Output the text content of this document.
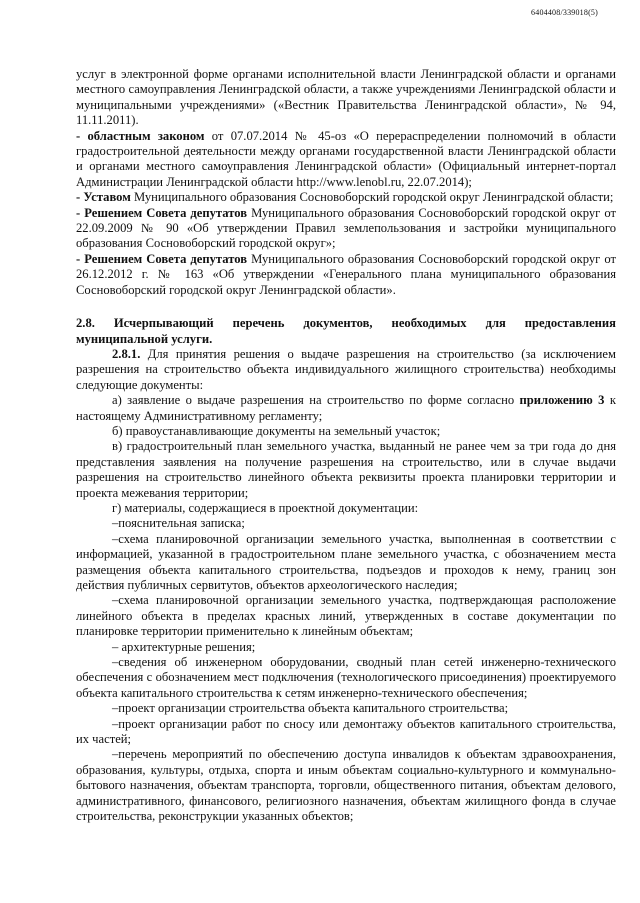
6404408/339018(5)

услуг в электронной форме органами исполнительной власти Ленинградской области и органами местного самоуправления Ленинградской области, а также учреждениями Ленинградской области и муниципальными учреждениями» («Вестник Правительства Ленинградской области», № 94, 11.11.2011).

- областным законом от 07.07.2014 № 45-оз «О перераспределении полномочий в области градостроительной деятельности между органами государственной власти Ленинградской области и органами местного самоуправления Ленинградской области» (Официальный интернет-портал Администрации Ленинградской области http://www.lenobl.ru, 22.07.2014);

- Уставом Муниципального образования Сосновоборский городской округ Ленинградской области;

- Решением Совета депутатов Муниципального образования Сосновоборский городской округ от 22.09.2009 № 90 «Об утверждении Правил землепользования и застройки муниципального образования Сосновоборский городской округ»;

- Решением Совета депутатов Муниципального образования Сосновоборский городской округ от 26.12.2012 г. № 163 «Об утверждении «Генерального плана муниципального образования Сосновоборский городской округ Ленинградской области».

2.8. Исчерпывающий перечень документов, необходимых для предоставления муниципальной услуги.

2.8.1. Для принятия решения о выдаче разрешения на строительство (за исключением разрешения на строительство объекта индивидуального жилищного строительства) необходимы следующие документы:

а) заявление о выдаче разрешения на строительство по форме согласно приложению 3 к настоящему Административному регламенту;

б) правоустанавливающие документы на земельный участок;

в) градостроительный план земельного участка, выданный не ранее чем за три года до дня представления заявления на получение разрешения на строительство, или в случае выдачи разрешения на строительство линейного объекта реквизиты проекта планировки территории и проекта межевания территории;

г) материалы, содержащиеся в проектной документации:

–пояснительная записка;

–схема планировочной организации земельного участка, выполненная в соответствии с информацией, указанной в градостроительном плане земельного участка, с обозначением места размещения объекта капитального строительства, подъездов и проходов к нему, границ зон действия публичных сервитутов, объектов археологического наследия;

–схема планировочной организации земельного участка, подтверждающая расположение линейного объекта в пределах красных линий, утвержденных в составе документации по планировке территории применительно к линейным объектам;

– архитектурные решения;

–сведения об инженерном оборудовании, сводный план сетей инженерно-технического обеспечения с обозначением мест подключения (технологического присоединения) проектируемого объекта капитального строительства к сетям инженерно-технического обеспечения;

–проект организации строительства объекта капитального строительства;

–проект организации работ по сносу или демонтажу объектов капитального строительства, их частей;

–перечень мероприятий по обеспечению доступа инвалидов к объектам здравоохранения, образования, культуры, отдыха, спорта и иным объектам социально-культурного и коммунально-бытового назначения, объектам транспорта, торговли, общественного питания, объектам делового, административного, финансового, религиозного назначения, объектам жилищного фонда в случае строительства, реконструкции указанных объектов;
